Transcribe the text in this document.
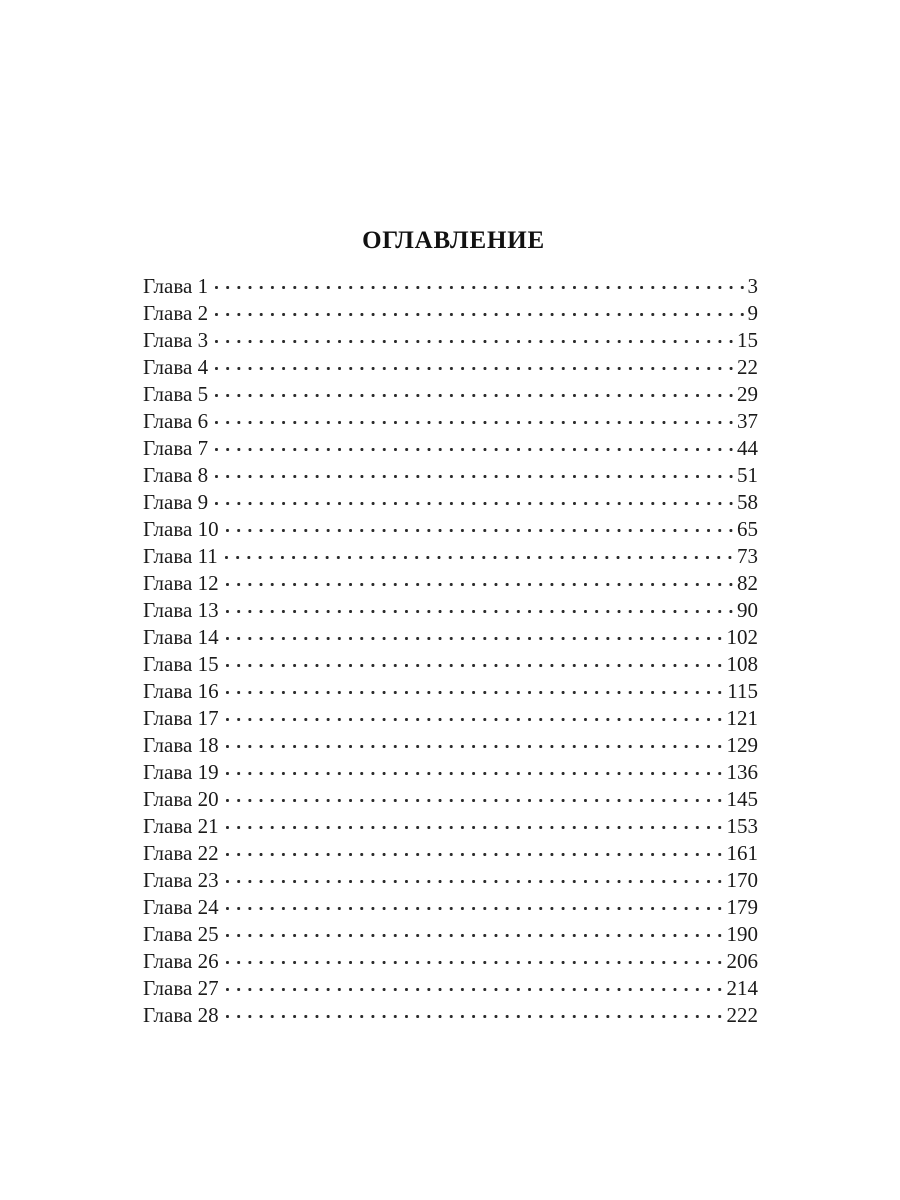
ОГЛАВЛЕНИЕ
Глава 1	3
Глава 2	9
Глава 3	15
Глава 4	22
Глава 5	29
Глава 6	37
Глава 7	44
Глава 8	51
Глава 9	58
Глава 10	65
Глава 11	73
Глава 12	82
Глава 13	90
Глава 14	102
Глава 15	108
Глава 16	115
Глава 17	121
Глава 18	129
Глава 19	136
Глава 20	145
Глава 21	153
Глава 22	161
Глава 23	170
Глава 24	179
Глава 25	190
Глава 26	206
Глава 27	214
Глава 28	222
